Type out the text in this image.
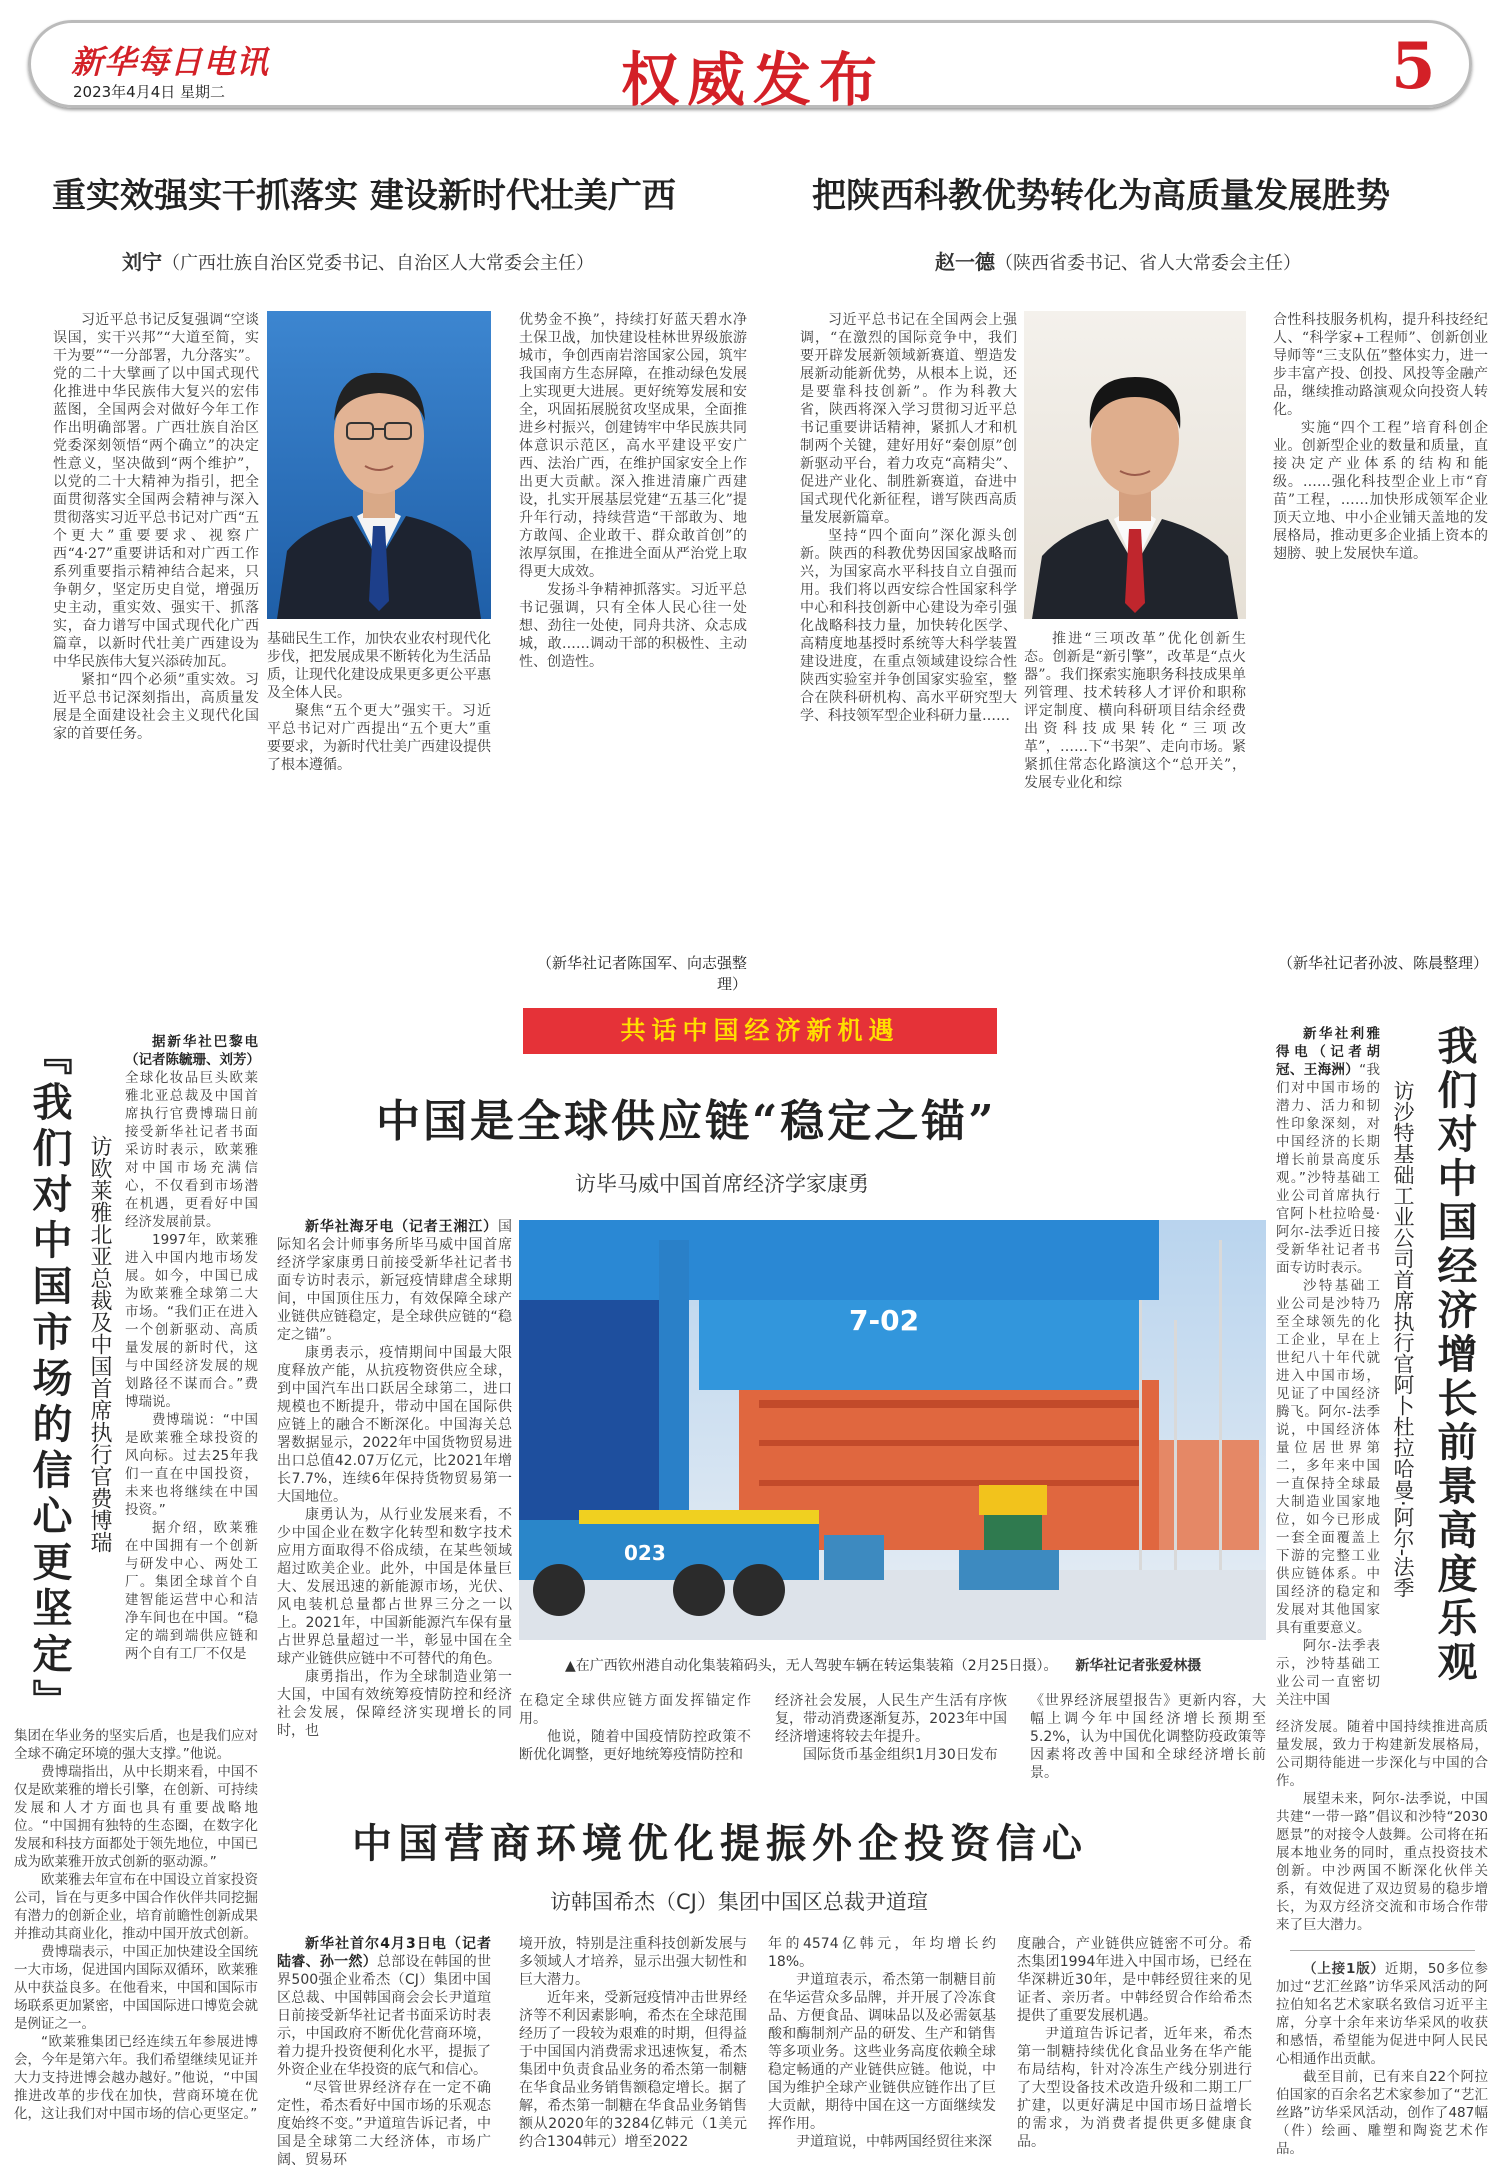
新华每日电讯
2023年4月4日 星期二	权威发布	5
重实效强实干抓落实 建设新时代壮美广西
刘宁（广西壮族自治区党委书记、自治区人大常委会主任）

习近平总书记反复强调“空谈误国，实干兴邦”“大道至简，实干为要”“一分部署，九分落实”。党的二十大擘画了以中国式现代化推进中华民族伟大复兴的宏伟蓝图，全国两会对做好今年工作作出明确部署。广西壮族自治区党委深刻领悟“两个确立”的决定性意义，坚决做到“两个维护”，以党的二十大精神为指引，把全面贯彻落实全国两会精神与深入贯彻落实习近平总书记对广西“五个更大”重要要求、视察广西“4·27”重要讲话和对广西工作系列重要指示精神结合起来，只争朝夕，坚定历史自觉，增强历史主动，重实效、强实干、抓落实，奋力谱写中国式现代化广西篇章，以新时代壮美广西建设为中华民族伟大复兴添砖加瓦。

紧扣“四个必须”重实效。习近平总书记深刻指出，高质量发展是全面建设社会主义现代化国家的首要任务。

基础民生工作，加快农业农村现代化步伐，把发展成果不断转化为生活品质，让现代化建设成果更多更公平惠及全体人民。

聚焦“五个更大”强实干。习近平总书记对广西提出“五个更大”重要要求，为新时代壮美广西建设提供了根本遵循。

优势金不换”，持续打好蓝天碧水净土保卫战，加快建设桂林世界级旅游城市，争创西南岩溶国家公园，筑牢我国南方生态屏障，在推动绿色发展上实现更大进展。更好统筹发展和安全，巩固拓展脱贫攻坚成果，全面推进乡村振兴，创建铸牢中华民族共同体意识示范区，高水平建设平安广西、法治广西，在维护国家安全上作出更大贡献。深入推进清廉广西建设，扎实开展基层党建“五基三化”提升年行动，持续营造“干部敢为、地方敢闯、企业敢干、群众敢首创”的浓厚氛围，在推进全面从严治党上取得更大成效。

发扬斗争精神抓落实。习近平总书记强调，只有全体人民心往一处想、劲往一处使，同舟共济、众志成城，敢……调动干部的积极性、主动性、创造性。

（新华社记者陈国军、向志强整理）
把陕西科教优势转化为高质量发展胜势
赵一德（陕西省委书记、省人大常委会主任）

习近平总书记在全国两会上强调，“在激烈的国际竞争中，我们要开辟发展新领域新赛道、塑造发展新动能新优势，从根本上说，还是要靠科技创新”。作为科教大省，陕西将深入学习贯彻习近平总书记重要讲话精神，紧抓人才和机制两个关键，建好用好“秦创原”创新驱动平台，着力攻克“高精尖”、促进产业化、制胜新赛道，奋进中国式现代化新征程，谱写陕西高质量发展新篇章。

坚持“四个面向”深化源头创新。陕西的科教优势因国家战略而兴，为国家高水平科技自立自强而用。我们将以西安综合性国家科学中心和科技创新中心建设为牵引强化战略科技力量，加快转化医学、高精度地基授时系统等大科学装置建设进度，在重点领域建设综合性陕西实验室并争创国家实验室，整合在陕科研机构、高水平研究型大学、科技领军型企业科研力量……

推进“三项改革”优化创新生态。创新是“新引擎”，改革是“点火器”。我们探索实施职务科技成果单列管理、技术转移人才评价和职称评定制度、横向科研项目结余经费出资科技成果转化“三项改革”，……下“书架”、走向市场。紧紧抓住常态化路演这个“总开关”，发展专业化和综

合性科技服务机构，提升科技经纪人、“科学家+工程师”、创新创业导师等“三支队伍”整体实力，进一步丰富产投、创投、风投等金融产品，继续推动路演观众向投资人转化。

实施“四个工程”培育科创企业。创新型企业的数量和质量，直接决定产业体系的结构和能级。……强化科技型企业上市“育苗”工程，……加快形成领军企业顶天立地、中小企业铺天盖地的发展格局，推动更多企业插上资本的翅膀、驶上发展快车道。

（新华社记者孙波、陈晨整理）
共话中国经济新机遇
『我们对中国市场的信心更坚定』 访欧莱雅北亚总裁及中国首席执行官费博瑞

据新华社巴黎电（记者陈毓珊、刘芳）全球化妆品巨头欧莱雅北亚总裁及中国首席执行官费博瑞日前接受新华社记者书面采访时表示，欧莱雅对中国市场充满信心，不仅看到市场潜在机遇，更看好中国经济发展前景。

1997年，欧莱雅进入中国内地市场发展。如今，中国已成为欧莱雅全球第二大市场。“我们正在进入一个创新驱动、高质量发展的新时代，这与中国经济发展的规划路径不谋而合。”费博瑞说。

费博瑞说：“中国是欧莱雅全球投资的风向标。过去25年我们一直在中国投资，未来也将继续在中国投资。”

据介绍，欧莱雅在中国拥有一个创新与研发中心、两处工厂。集团全球首个自建智能运营中心和洁净车间也在中国。“稳定的端到端供应链和两个自有工厂不仅是

集团在华业务的坚实后盾，也是我们应对全球不确定环境的强大支撑。”他说。

费博瑞指出，从中长期来看，中国不仅是欧莱雅的增长引擎，在创新、可持续发展和人才方面也具有重要战略地位。“中国拥有独特的生态圈，在数字化发展和科技方面都处于领先地位，中国已成为欧莱雅开放式创新的驱动源。”

欧莱雅去年宣布在中国设立首家投资公司，旨在与更多中国合作伙伴共同挖掘有潜力的创新企业，培育前瞻性创新成果并推动其商业化，推动中国开放式创新。

费博瑞表示，中国正加快建设全国统一大市场，促进国内国际双循环，欧莱雅从中获益良多。在他看来，中国和国际市场联系更加紧密，中国国际进口博览会就是例证之一。

“欧莱雅集团已经连续五年参展进博会，今年是第六年。我们希望继续见证并大力支持进博会越办越好。”他说，“中国推进改革的步伐在加快，营商环境在优化，这让我们对中国市场的信心更坚定。”

中国是全球供应链“稳定之锚”
访毕马威中国首席经济学家康勇

新华社海牙电（记者王湘江）国际知名会计师事务所毕马威中国首席经济学家康勇日前接受新华社记者书面专访时表示，新冠疫情肆虐全球期间，中国顶住压力，有效保障全球产业链供应链稳定，是全球供应链的“稳定之锚”。

康勇表示，疫情期间中国最大限度释放产能，从抗疫物资供应全球，到中国汽车出口跃居全球第二，进口规模也不断提升，带动中国在国际供应链上的融合不断深化。中国海关总署数据显示，2022年中国货物贸易进出口总值42.07万亿元，比2021年增长7.7%，连续6年保持货物贸易第一大国地位。

康勇认为，从行业发展来看，不少中国企业在数字化转型和数字技术应用方面取得不俗成绩，在某些领域超过欧美企业。此外，中国是体量巨大、发展迅速的新能源市场，光伏、风电装机总量都占世界三分之一以上。2021年，中国新能源汽车保有量占世界总量超过一半，彰显中国在全球产业链供应链中不可替代的角色。

康勇指出，作为全球制造业第一大国，中国有效统筹疫情防控和经济社会发展，保障经济实现增长的同时，也

7-02
023
▲在广西钦州港自动化集装箱码头，无人驾驶车辆在转运集装箱（2月25日摄）。 新华社记者张爱林摄

在稳定全球供应链方面发挥锚定作用。

他说，随着中国疫情防控政策不断优化调整，更好地统筹疫情防控和

经济社会发展，人民生产生活有序恢复，带动消费逐渐复苏，2023年中国经济增速将较去年提升。

国际货币基金组织1月30日发布

《世界经济展望报告》更新内容，大幅上调今年中国经济增长预期至5.2%，认为中国优化调整防疫政策等因素将改善中国和全球经济增长前景。

新华社利雅得电（记者胡冠、王海洲）“我们对中国市场的潜力、活力和韧性印象深刻，对中国经济的长期增长前景高度乐观。”沙特基础工业公司首席执行官阿卜杜拉哈曼·阿尔-法季近日接受新华社记者书面专访时表示。

沙特基础工业公司是沙特乃至全球领先的化工企业，早在上世纪八十年代就进入中国市场，见证了中国经济腾飞。阿尔-法季说，中国经济体量位居世界第二，多年来中国一直保持全球最大制造业国家地位，如今已形成一套全面覆盖上下游的完整工业供应链体系。中国经济的稳定和发展对其他国家具有重要意义。

阿尔-法季表示，沙特基础工业公司一直密切关注中国

访沙特基础工业公司首席执行官阿卜杜拉哈曼·阿尔-法季 我们对中国经济增长前景高度乐观

经济发展。随着中国持续推进高质量发展，致力于构建新发展格局，公司期待能进一步深化与中国的合作。

展望未来，阿尔-法季说，中国共建“一带一路”倡议和沙特“2030愿景”的对接令人鼓舞。公司将在拓展本地业务的同时，重点投资技术创新。中沙两国不断深化伙伴关系，有效促进了双边贸易的稳步增长，为双方经济交流和市场合作带来了巨大潜力。

（上接1版）近期，50多位参加过“艺汇丝路”访华采风活动的阿拉伯知名艺术家联名致信习近平主席，分享十余年来访华采风的收获和感悟，希望能为促进中阿人民民心相通作出贡献。

截至目前，已有来自22个阿拉伯国家的百余名艺术家参加了“艺汇丝路”访华采风活动，创作了487幅（件）绘画、雕塑和陶瓷艺术作品。

中国营商环境优化提振外企投资信心
访韩国希杰（CJ）集团中国区总裁尹道瑄

新华社首尔4月3日电（记者陆睿、孙一然）总部设在韩国的世界500强企业希杰（CJ）集团中国区总裁、中国韩国商会会长尹道瑄日前接受新华社记者书面采访时表示，中国政府不断优化营商环境，着力提升投资便利化水平，提振了外资企业在华投资的底气和信心。

“尽管世界经济存在一定不确定性，希杰看好中国市场的乐观态度始终不变。”尹道瑄告诉记者，中国是全球第二大经济体，市场广阔、贸易环

境开放，特别是注重科技创新发展与多领域人才培养，显示出强大韧性和巨大潜力。

近年来，受新冠疫情冲击世界经济等不利因素影响，希杰在全球范围经历了一段较为艰难的时期，但得益于中国国内消费需求迅速恢复，希杰集团中负责食品业务的希杰第一制糖在华食品业务销售额稳定增长。据了解，希杰第一制糖在华食品业务销售额从2020年的3284亿韩元（1美元约合1304韩元）增至2022

年的4574亿韩元，年均增长约18%。

尹道瑄表示，希杰第一制糖目前在华运营众多品牌，并开展了冷冻食品、方便食品、调味品以及必需氨基酸和酶制剂产品的研发、生产和销售等多项业务。这些业务高度依赖全球稳定畅通的产业链供应链。他说，中国为维护全球产业链供应链作出了巨大贡献，期待中国在这一方面继续发挥作用。

尹道瑄说，中韩两国经贸往来深

度融合，产业链供应链密不可分。希杰集团1994年进入中国市场，已经在华深耕近30年，是中韩经贸往来的见证者、亲历者。中韩经贸合作给希杰提供了重要发展机遇。

尹道瑄告诉记者，近年来，希杰第一制糖持续优化食品业务在华产能布局结构，针对冷冻生产线分别进行了大型设备技术改造升级和二期工厂扩建，以更好满足中国市场日益增长的需求，为消费者提供更多健康食品。
